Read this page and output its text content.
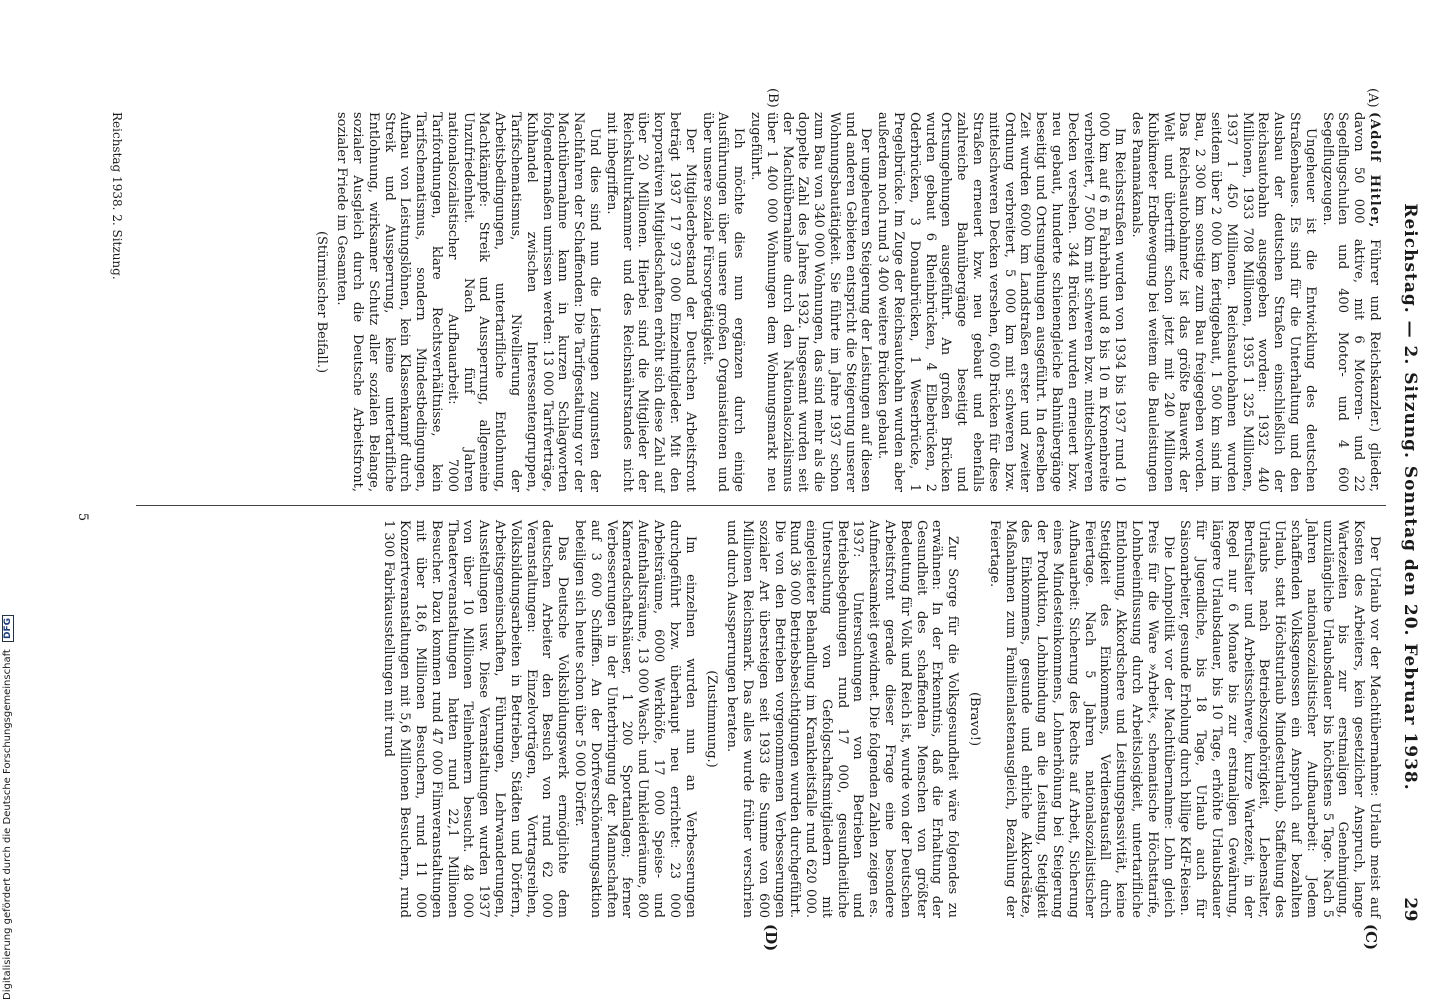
Reichstag. — 2. Sitzung. Sonntag den 20. Februar 1938.
29
(A)
(B)
(C)
(D)

(Adolf Hitler, Führer und Reichskanzler.) glieder, davon 50 000 aktive, mit 6 Motoren- und 22 Segelflugschulen und 400 Motor- und 4 600 Segelflugzeugen.

Ungeheuer ist die Entwicklung des deutschen Straßenbaues. Es sind für die Unterhaltung und den Ausbau der deutschen Straßen einschließlich der Reichsautobahn ausgegeben worden: 1932 440 Millionen, 1933 708 Millionen, 1935 1 325 Millionen, 1937 1 450 Millionen. Reichsautobahnen wurden seitdem über 2 000 km fertiggebaut, 1 500 km sind im Bau, 2 300 km sonstige zum Bau freigegeben worden. Das Reichsautobahnnetz ist das größte Bauwerk der Welt und übertrifft schon jetzt mit 240 Millionen Kubikmeter Erdbewegung bei weitem die Bauleistungen des Panamakanals.

Im Reichsstraßen wurden von 1934 bis 1937 rund 10 000 km auf 6 m Fahrbahn und 8 bis 10 m Kronenbreite verbreitert, 7 500 km mit schweren bzw. mittelschweren Decken versehen. 344 Brücken wurden erneuert bzw. neu gebaut, hunderte schienengleiche Bahnübergänge beseitigt und Ortsumgehungen ausgeführt. In derselben Zeit wurden 6000 km Landstraßen erster und zweiter Ordnung verbreitert, 5 000 km mit schweren bzw. mittelschweren Decken versehen, 600 Brücken für diese Straßen erneuert bzw. neu gebaut und ebenfalls zahlreiche Bahnübergänge beseitigt und Ortsumgehungen ausgeführt. An großen Brücken wurden gebaut 6 Rheinbrücken, 4 Elbebrücken, 2 Oderbrücken, 3 Donaubrücken, 1 Weserbrücke, 1 Pregelbrücke. Im Zuge der Reichsautobahn wurden aber außerdem noch rund 3 400 weitere Brücken gebaut.

Der ungeheuren Steigerung der Leistungen auf diesen und anderen Gebieten entspricht die Steigerung unserer Wohnungsbautätigkeit. Sie führte im Jahre 1937 schon zum Bau von 340 000 Wohnungen, das sind mehr als die doppelte Zahl des Jahres 1932. Insgesamt wurden seit der Machtübernahme durch den Nationalsozialismus über 1 400 000 Wohnungen dem Wohnungsmarkt neu zugeführt.

Ich möchte dies nun ergänzen durch einige Ausführungen über unsere großen Organisationen und über unsere soziale Fürsorgetätigkeit.

Der Mitgliederbestand der Deutschen Arbeitsfront beträgt 1937 17 973 000 Einzelmitglieder. Mit den korporativen Mitgliedschaften erhöht sich diese Zahl auf über 20 Millionen. Hierbei sind die Mitglieder der Reichskulturkammer und des Reichsnährstandes nicht mit inbegriffen.

Und dies sind nun die Leistungen zugunsten der Nachfahren der Schaffenden: Die Tarifgestaltung vor der Machtübernahme kann in kurzen Schlagworten folgendermaßen umrissen werden: 13 000 Tarifverträge, Kuhhandel zwischen Interessentengruppen, Tarifschematismus, Nivellierung der Arbeitsbedingungen, untertarifliche Entlohnung, Machtkämpfe: Streik und Aussperrung, allgemeine Unzufriedenheit. Nach fünf Jahren nationalsozialistischer Aufbauarbeit: 7000 Tarifordnungen, klare Rechtsverhältnisse, kein Tarifschematismus, sondern Mindestbedingungen, Aufbau von Leistungslöhnen, kein Klassenkampf durch Streik und Aussperrung, keine untertarifliche Entlohnung, wirksamer Schutz aller sozialen Belange, sozialer Ausgleich durch die Deutsche Arbeitsfront, sozialer Friede im Gesamten.

(Stürmischer Beifall.)

Der Urlaub vor der Machtübernahme: Urlaub meist auf Kosten des Arbeiters, kein gesetzlicher Anspruch, lange Wartezeiten bis zur erstmaligen Genehmigung, unzulängliche Urlaubsdauer bis höchstens 5 Tage. Nach 5 Jahren nationalsozialistischer Aufbauarbeit: Jedem schaffenden Volksgenossen ein Anspruch auf bezahlten Urlaub, statt Höchsturlaub Mindesturlaub, Staffelung des Urlaubs nach Betriebszugehörigkeit, Lebensalter, Berufsalter und Arbeitsschwere, kurze Wartezeit, in der Regel nur 6 Monate bis zur erstmaligen Gewährung, längere Urlaubsdauer, bis 10 Tage, erhöhte Urlaubsdauer für Jugendliche, bis 18 Tage, Urlaub auch für Saisonarbeiter, gesunde Erholung durch billige KdF-Reisen.

Die Lohnpolitik vor der Machtübernahme: Lohn gleich Preis für die Ware »Arbeit«, schematische Höchsttarife, Lohnbeeinflussung durch Arbeitslosigkeit, untertarifliche Entlohnung, Akkordschere und Leistungspassivität, keine Stetigkeit des Einkommens, Verdienstausfall durch Feiertage. Nach 5 Jahren nationalsozialistischer Aufbauarbeit: Sicherung des Rechts auf Arbeit, Sicherung eines Mindesteinkommens, Lohnerhöhung bei Steigerung der Produktion, Lohnbindung an die Leistung, Stetigkeit des Einkommens, gesunde und ehrliche Akkordsätze, Maßnahmen zum Familienlastenausgleich, Bezahlung der Feiertage.

(Bravo!)

Zur Sorge für die Volksgesundheit wäre folgendes zu erwähnen: In der Erkenntnis, daß die Erhaltung der Gesundheit des schaffenden Menschen von größter Bedeutung für Volk und Reich ist, wurde von der Deutschen Arbeitsfront gerade dieser Frage eine besondere Aufmerksamkeit gewidmet. Die folgenden Zahlen zeigen es. 1937: Untersuchungen von Betrieben und Betriebsbegehungen rund 17 000, gesundheitliche Untersuchung von Gefolgschaftsmitgliedern mit eingeleiteter Behandlung im Krankheitsfalle rund 620 000. Rund 36 000 Betriebsbesichtigungen wurden durchgeführt. Die von den Betrieben vorgenommenen Verbesserungen sozialer Art übersteigen seit 1933 die Summe von 600 Millionen Reichsmark. Das alles wurde früher verschrien und durch Aussperrungen beraten.

(Zustimmung.)

Im einzelnen wurden nun an Verbesserungen durchgeführt bzw. überhaupt neu errichtet: 23 000 Arbeitsräume, 6000 Werkhöfe, 17 000 Speise- und Aufenthaltsräume, 13 000 Wasch- und Umkleideräume, 800 Kameradschaftshäuser, 1 200 Sportanlagen; ferner Verbesserungen in der Unterbringung der Mannschaften auf 3 600 Schiffen. An der Dorfverschönerungsaktion beteiligen sich heute schon über 5 000 Dörfer.

Das Deutsche Volksbildungswerk ermöglichte dem deutschen Arbeiter den Besuch von rund 62 000 Veranstaltungen: Einzelvorträgen, Vortragsreihen, Volksbildungsarbeiten in Betrieben, Städten und Dörfern, Arbeitsgemeinschaften, Führungen, Lehrwanderungen, Ausstellungen usw. Diese Veranstaltungen wurden 1937 von über 10 Millionen Teilnehmern besucht. 48 000 Theaterveranstaltungen hatten rund 22,1 Millionen Besucher. Dazu kommen rund 47 000 Filmveranstaltungen mit über 18,6 Millionen Besuchern, rund 11 000 Konzertveranstaltungen mit 5,6 Millionen Besuchern, rund 1 300 Fabrikausstellungen mit rund

Reichstag 1938. 2. Sitzung.
5
Digitalisierung gefördert durch die Deutsche Forschungsgemeinschaft DFG
